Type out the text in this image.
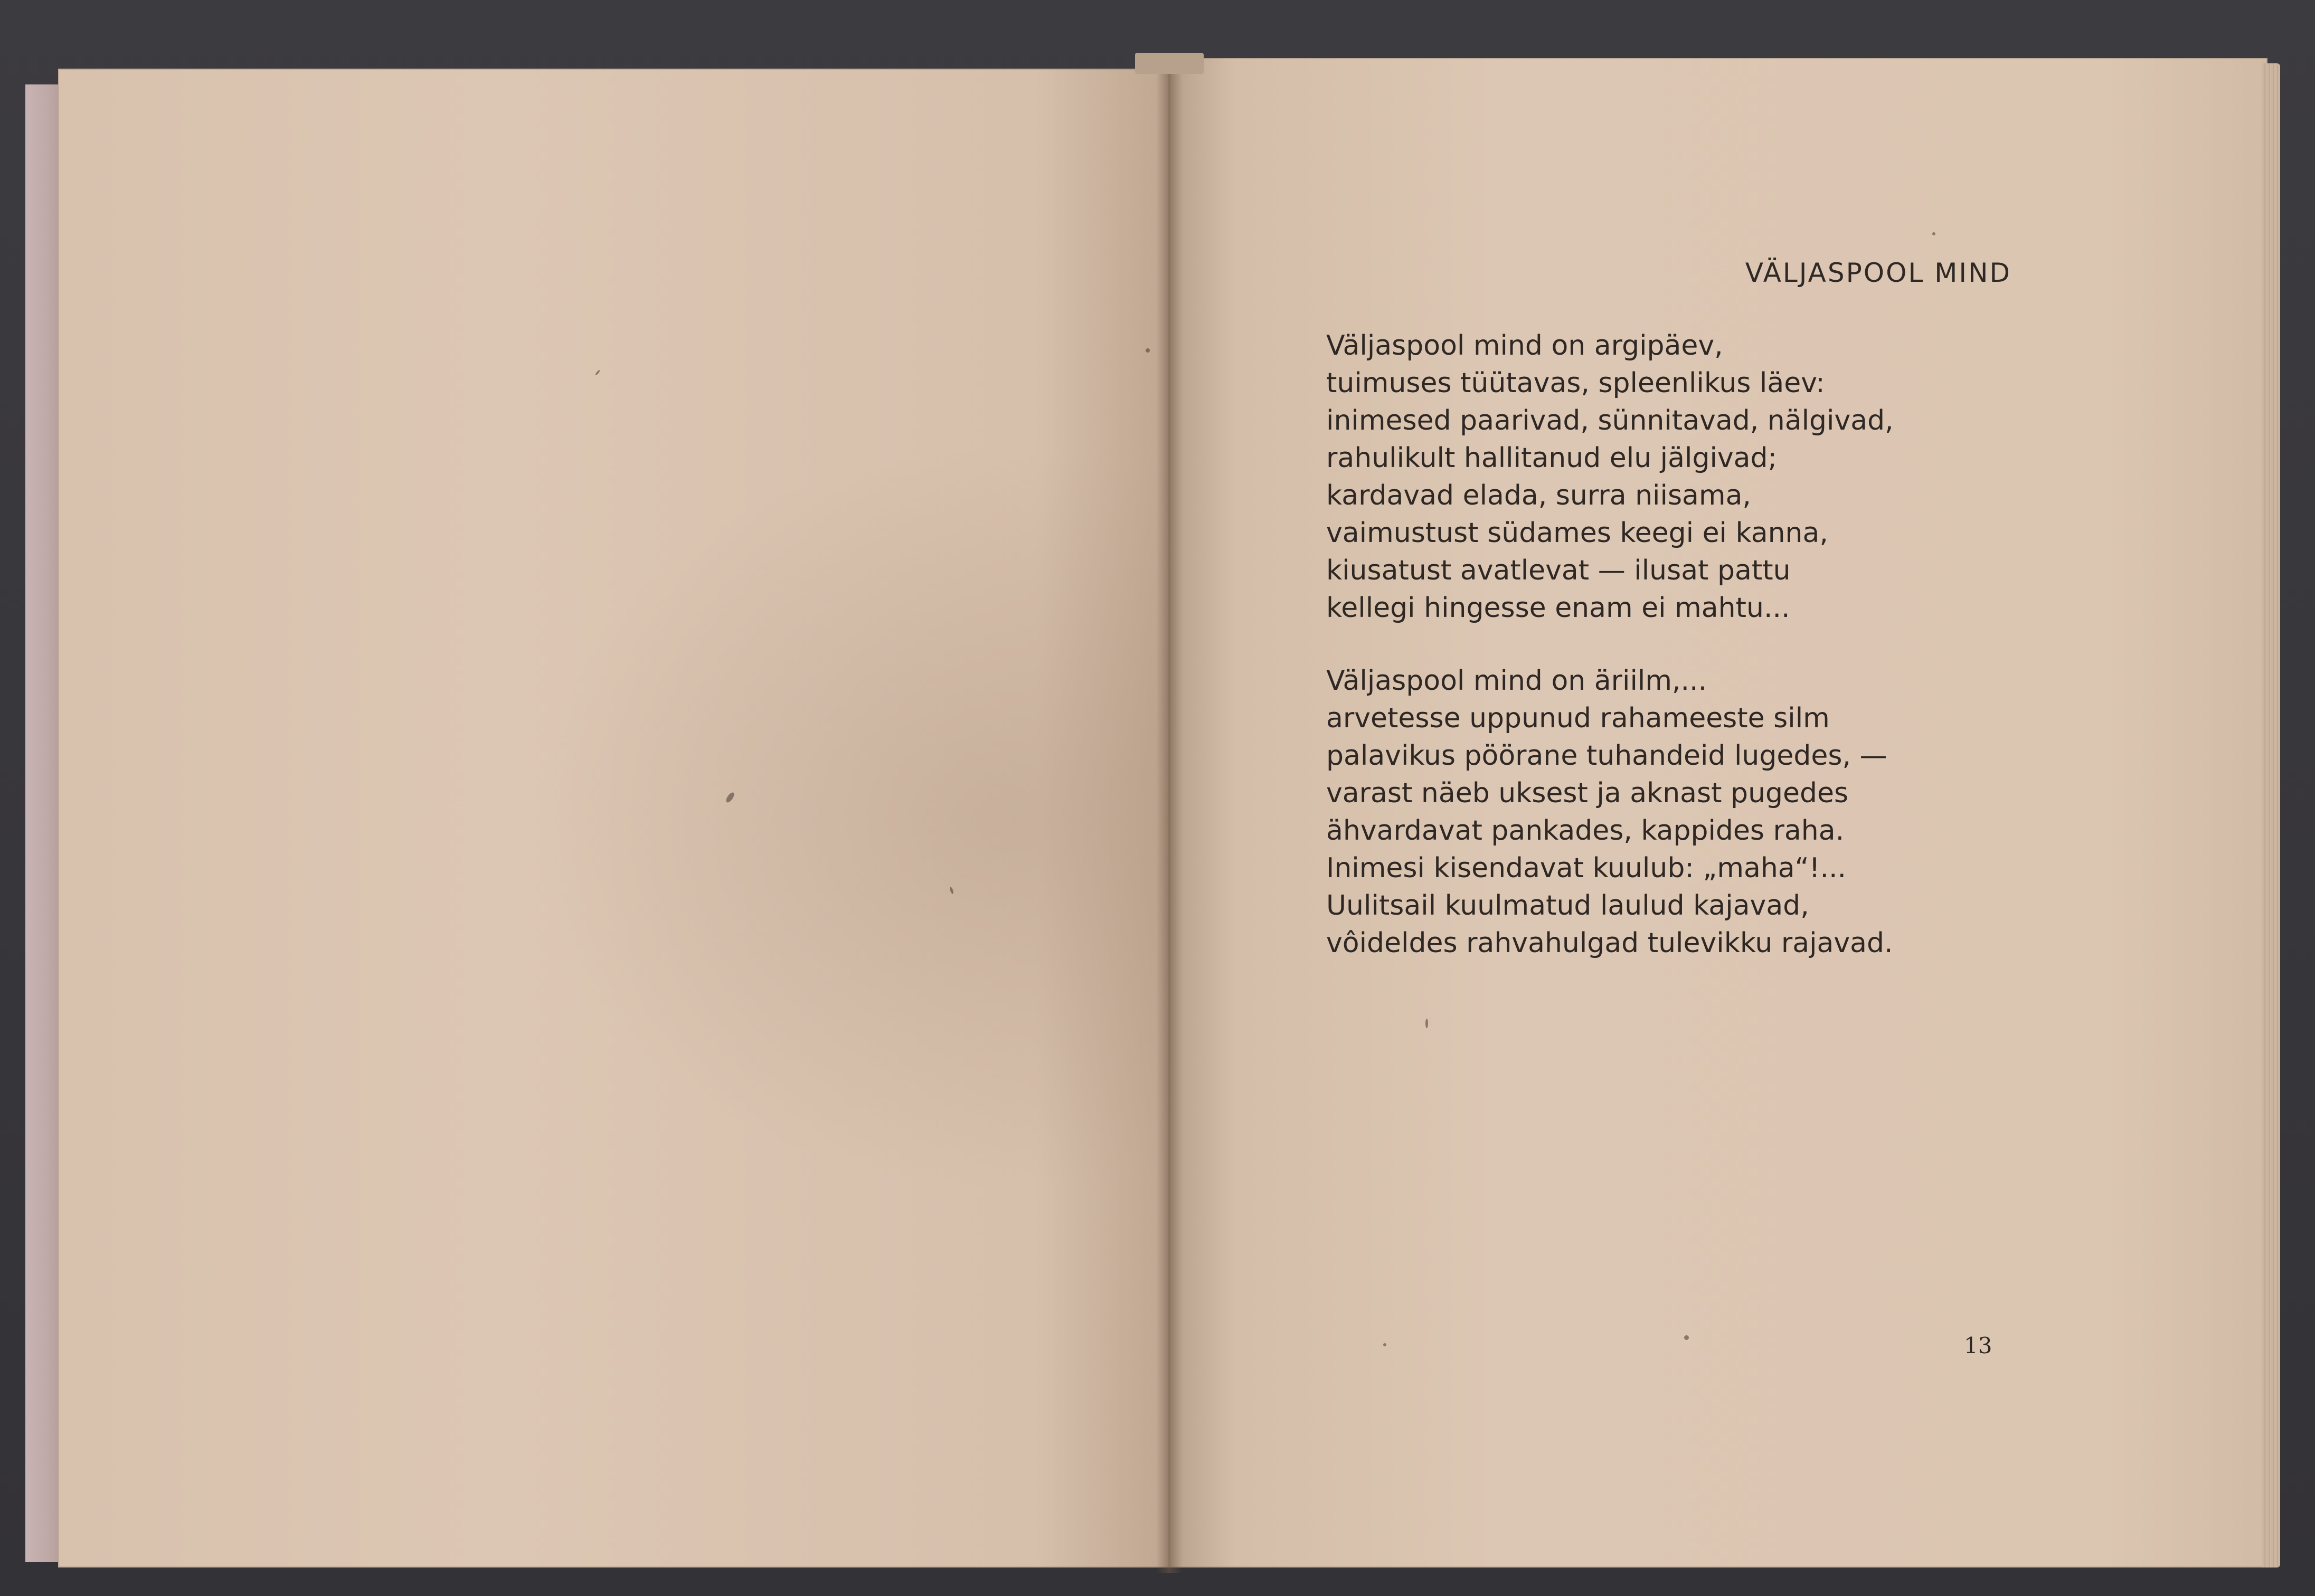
VÄLJASPOOL MIND
Väljaspool mind on argipäev,
tuimuses tüütavas, spleenlikus läev:
inimesed paarivad, sünnitavad, nälgivad,
rahulikult hallitanud elu jälgivad;
kardavad elada, surra niisama,
vaimustust südames keegi ei kanna,
kiusatust avatlevat — ilusat pattu
kellegi hingesse enam ei mahtu...
Väljaspool mind on äriilm,...
arvetesse uppunud rahameeste silm
palavikus pöörane tuhandeid lugedes, —
varast näeb uksest ja aknast pugedes
ähvardavat pankades, kappides raha.
Inimesi kisendavat kuulub: „maha“!...
Uulitsail kuulmatud laulud kajavad,
vôideldes rahvahulgad tulevikku rajavad.
13
